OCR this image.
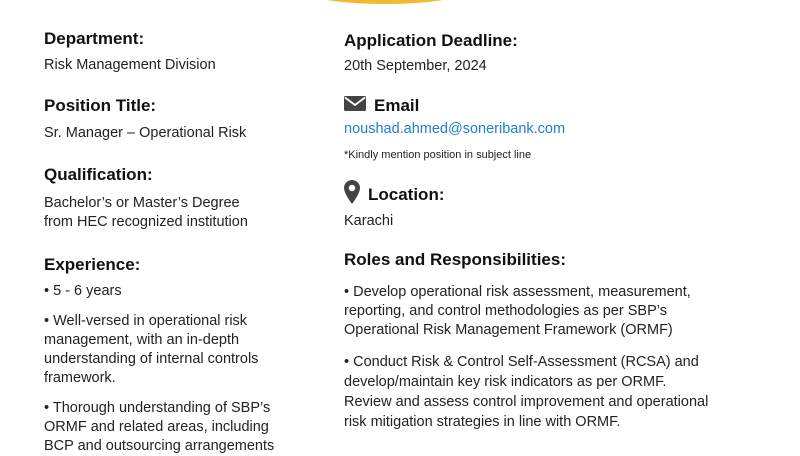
Department:
Risk Management Division
Position Title:
Sr. Manager – Operational Risk
Qualification:
Bachelor’s or Master’s Degree
from HEC recognized institution
Experience:
• 5 - 6 years
• Well-versed in operational risk
management, with an in-depth
understanding of internal controls
framework.
• Thorough understanding of SBP’s
ORMF and related areas, including
BCP and outsourcing arrangements
Application Deadline:
20th September, 2024
Email
noushad.ahmed@soneribank.com
*Kindly mention position in subject line
Location:
Karachi
Roles and Responsibilities:
• Develop operational risk assessment, measurement,
reporting, and control methodologies as per SBP’s
Operational Risk Management Framework (ORMF)
• Conduct Risk & Control Self-Assessment (RCSA) and
develop/maintain key risk indicators as per ORMF.
Review and assess control improvement and operational
risk mitigation strategies in line with ORMF.
